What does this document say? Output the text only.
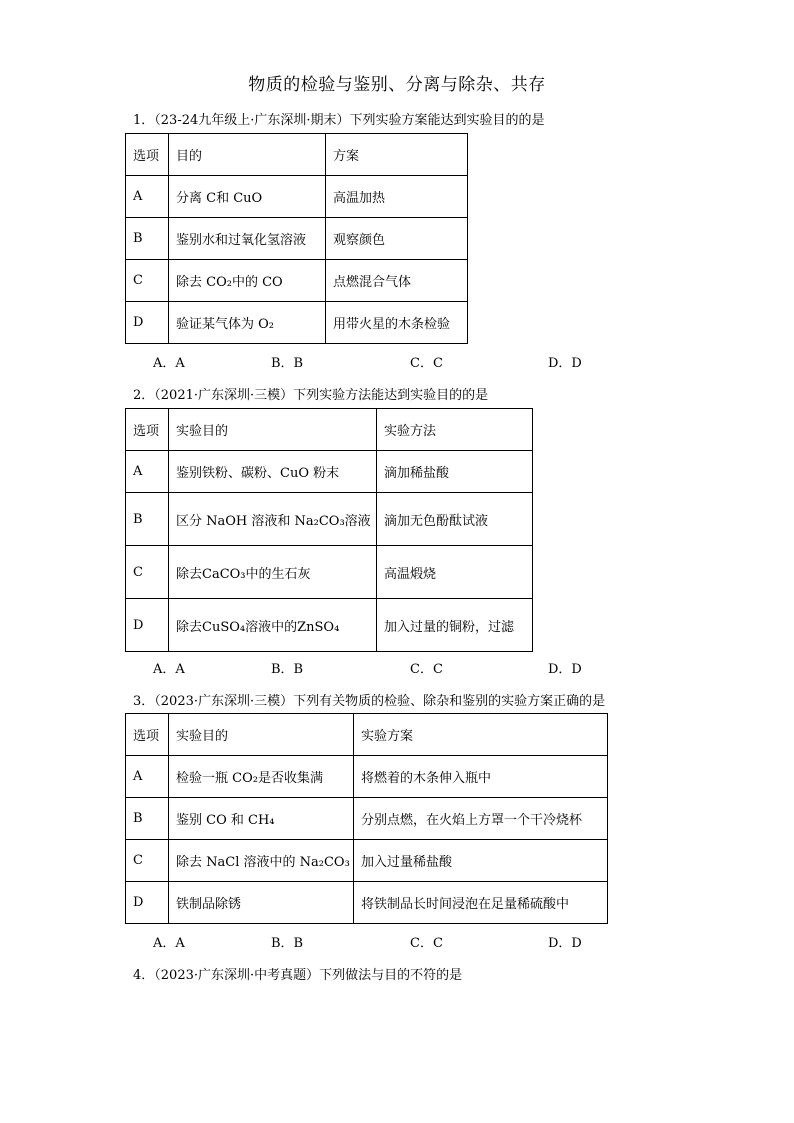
物质的检验与鉴别、分离与除杂、共存
1．（23-24九年级上·广东深圳·期末）下列实验方案能达到实验目的的是
选项	目的	方案
A	分离 C和 CuO	高温加热
B	鉴别水和过氧化氢溶液	观察颜色
C	除去 CO₂中的 CO	点燃混合气体
D	验证某气体为 O₂	用带火星的木条检验
A．A	B．B	C．C	D．D
2．（2021·广东深圳·三模）下列实验方法能达到实验目的的是
选项	实验目的	实验方法
A	鉴别铁粉、碳粉、CuO 粉末	滴加稀盐酸
B	区分 NaOH 溶液和 Na₂CO₃溶液	滴加无色酚酞试液
C	除去CaCO₃中的生石灰	高温煅烧
D	除去CuSO₄溶液中的ZnSO₄	加入过量的铜粉，过滤
A．A	B．B	C．C	D．D
3．（2023·广东深圳·三模）下列有关物质的检验、除杂和鉴别的实验方案正确的是
选项	实验目的	实验方案
A	检验一瓶 CO₂是否收集满	将燃着的木条伸入瓶中
B	鉴别 CO 和 CH₄	分别点燃，在火焰上方罩一个干冷烧杯
C	除去 NaCl 溶液中的 Na₂CO₃	加入过量稀盐酸
D	铁制品除锈	将铁制品长时间浸泡在足量稀硫酸中
A．A	B．B	C．C	D．D
4．（2023·广东深圳·中考真题）下列做法与目的不符的是
